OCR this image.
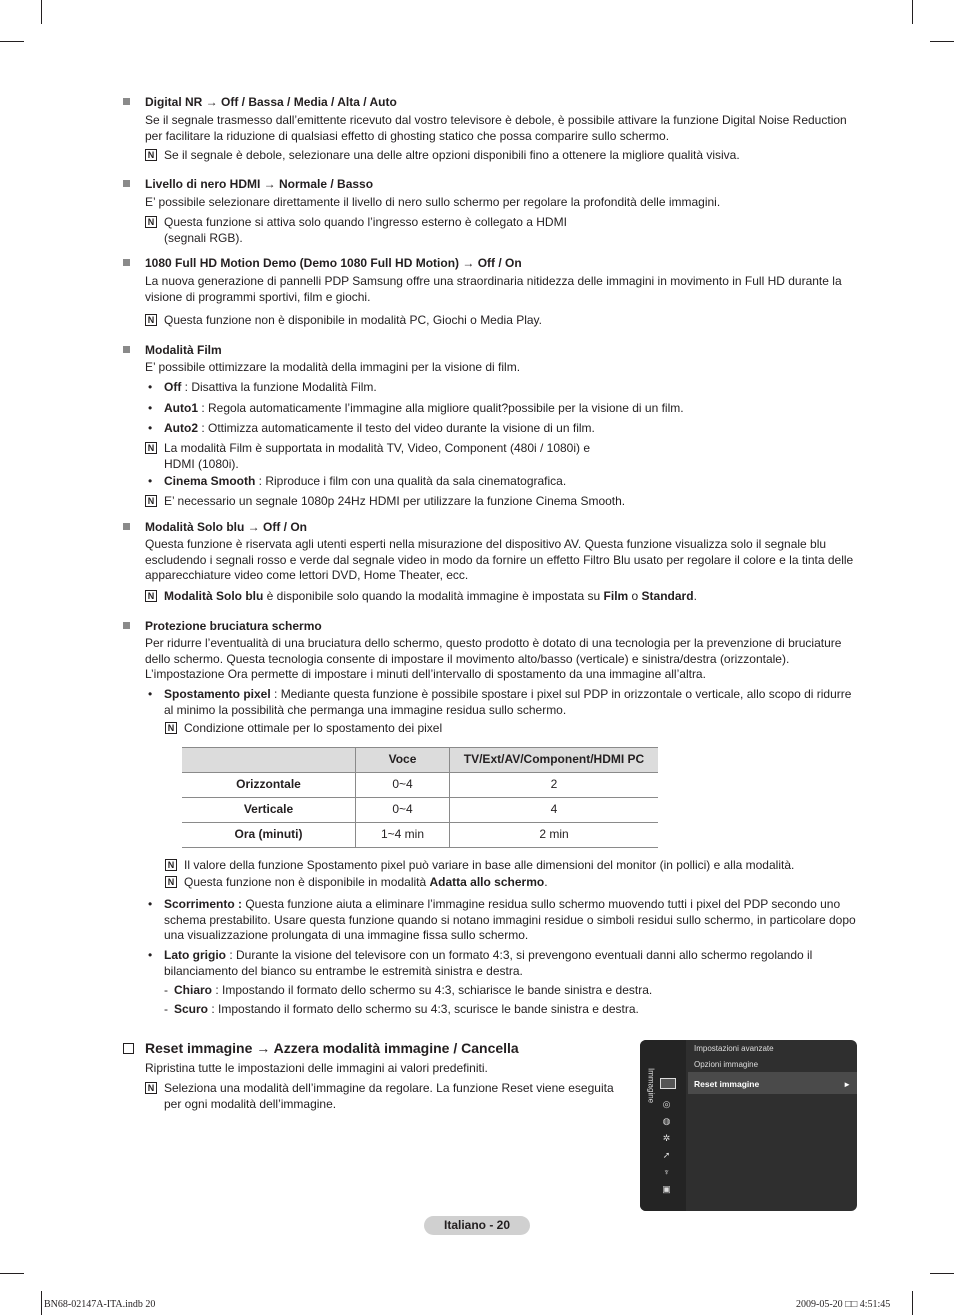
Digital NR → Off / Bassa / Media / Alta / Auto
Se il segnale trasmesso dall’emittente ricevuto dal vostro televisore è debole, è possibile attivare la funzione Digital Noise Reduction per facilitare la riduzione di qualsiasi effetto di ghosting statico che possa comparire sullo schermo.
N Se il segnale è debole, selezionare una delle altre opzioni disponibili fino a ottenere la migliore qualità visiva.
Livello di nero HDMI → Normale / Basso
E’ possibile selezionare direttamente il livello di nero sullo schermo per regolare la profondità delle immagini.
N Questa funzione si attiva solo quando l’ingresso esterno è collegato a HDMI (segnali RGB).
1080 Full HD Motion Demo (Demo 1080 Full HD Motion) → Off / On
La nuova generazione di pannelli PDP Samsung offre una straordinaria nitidezza delle immagini in movimento in Full HD durante la visione di programmi sportivi, film e giochi.
N Questa funzione non è disponibile in modalità PC, Giochi o Media Play.
Modalità Film
E’ possibile ottimizzare la modalità della immagini per la visione di film.
• Off : Disattiva la funzione Modalità Film.
• Auto1 : Regola automaticamente l’immagine alla migliore qualit?possibile per la visione di un film.
• Auto2 : Ottimizza automaticamente il testo del video durante la visione di un film.
N La modalità Film è supportata in modalità TV, Video, Component (480i / 1080i) e HDMI (1080i).
• Cinema Smooth : Riproduce i film con una qualità da sala cinematografica.
N E’ necessario un segnale 1080p 24Hz HDMI per utilizzare la funzione Cinema Smooth.
Modalità Solo blu → Off / On
Questa funzione è riservata agli utenti esperti nella misurazione del dispositivo AV. Questa funzione visualizza solo il segnale blu escludendo i segnali rosso e verde dal segnale video in modo da fornire un effetto Filtro Blu usato per regolare il colore e la tinta delle apparecchiature video come lettori DVD, Home Theater, ecc.
N Modalità Solo blu è disponibile solo quando la modalità immagine è impostata su Film o Standard.
Protezione bruciatura schermo
Per ridurre l’eventualità di una bruciatura dello schermo, questo prodotto è dotato di una tecnologia per la prevenzione di bruciature dello schermo. Questa tecnologia consente di impostare il movimento alto/basso (verticale) e sinistra/destra (orizzontale). L’impostazione Ora permette di impostare i minuti dell’intervallo di spostamento da una immagine all’altra.
• Spostamento pixel : Mediante questa funzione è possibile spostare i pixel sul PDP in orizzontale o verticale, allo scopo di ridurre al minimo la possibilità che permanga una immagine residua sullo schermo.
N Condizione ottimale per lo spostamento dei pixel
	Voce	TV/Ext/AV/Component/HDMI PC
Orizzontale	0~4	2
Verticale	0~4	4
Ora (minuti)	1~4 min	2 min
N Il valore della funzione Spostamento pixel può variare in base alle dimensioni del monitor (in pollici) e alla modalità.
N Questa funzione non è disponibile in modalità Adatta allo schermo.
• Scorrimento : Questa funzione aiuta a eliminare l’immagine residua sullo schermo muovendo tutti i pixel del PDP secondo uno schema prestabilito. Usare questa funzione quando si notano immagini residue o simboli residui sullo schermo, in particolare dopo una visualizzazione prolungata di una immagine fissa sullo schermo.
• Lato grigio : Durante la visione del televisore con un formato 4:3, si prevengono eventuali danni allo schermo regolando il bilanciamento del bianco su entrambe le estremità sinistra e destra.
- Chiaro : Impostando il formato dello schermo su 4:3, schiarisce le bande sinistra e destra.
- Scuro : Impostando il formato dello schermo su 4:3, scurisce le bande sinistra e destra.
Reset immagine → Azzera modalità immagine / Cancella
Ripristina tutte le impostazioni delle immagini ai valori predefiniti.
N Seleziona una modalità dell’immagine da regolare. La funzione Reset viene eseguita per ogni modalità dell’immagine.
Immagine
◎
◍
✲
➚
♆
▣
Impostazioni avanzate
Opzioni immagine
Reset immagine	►
Italiano - 20
BN68-02147A-ITA.indb 20	2009-05-20 □□ 4:51:45
